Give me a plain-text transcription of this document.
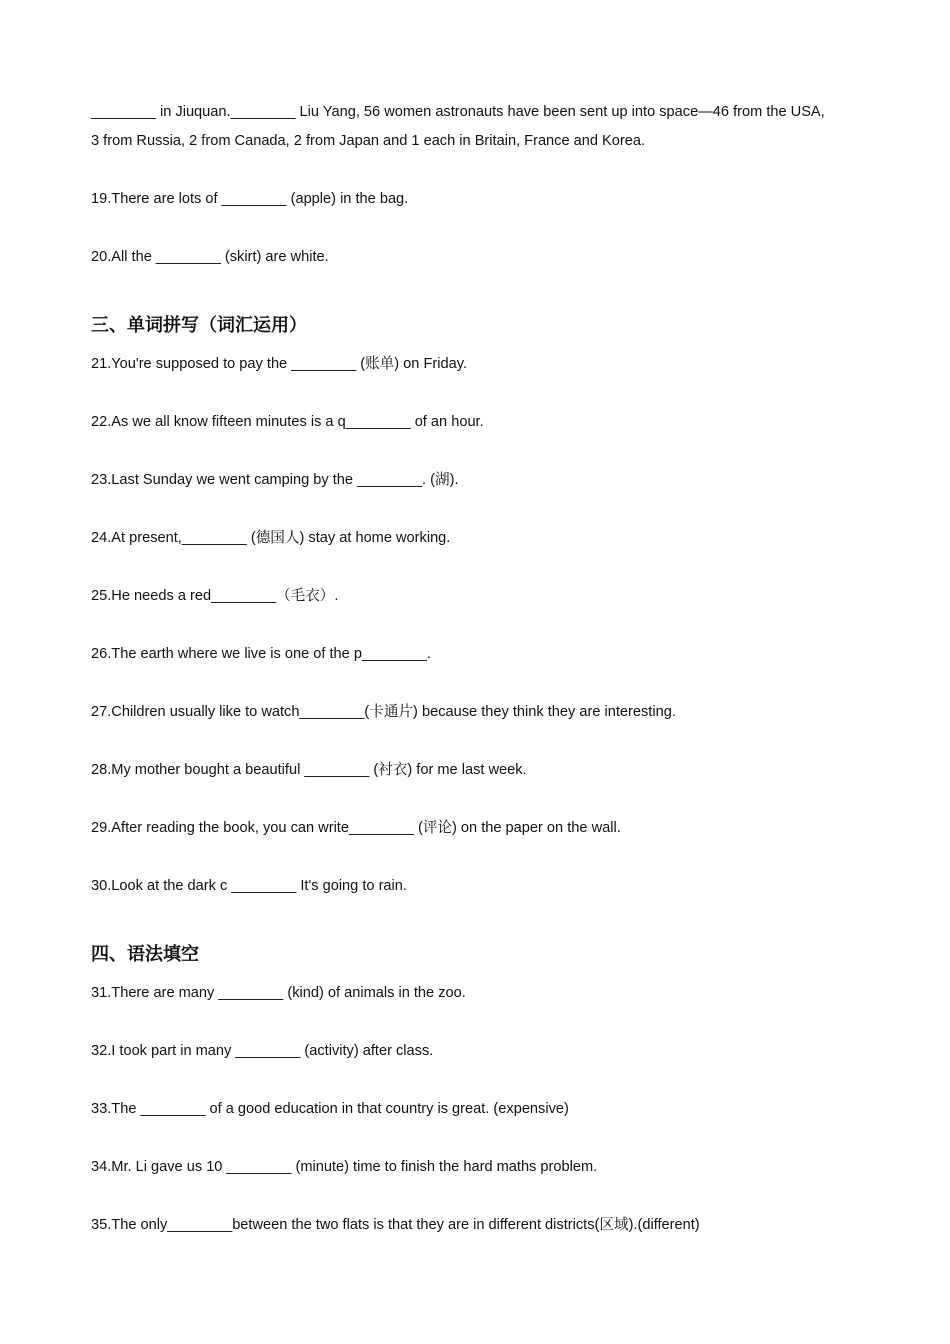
________ in Jiuquan.________ Liu Yang, 56 women astronauts have been sent up into space—46 from the USA,
3 from Russia, 2 from Canada, 2 from Japan and 1 each in Britain, France and Korea.
19.There are lots of ________ (apple) in the bag.
20.All the ________ (skirt) are white.
三、单词拼写（词汇运用）
21.You're supposed to pay the ________ (账单) on Friday.
22.As we all know fifteen minutes is a q________ of an hour.
23.Last Sunday we went camping by the ________. (湖).
24.At present,________ (德国人) stay at home working.
25.He needs a red________（毛衣）.
26.The earth where we live is one of the p________.
27.Children usually like to watch________(卡通片) because they think they are interesting.
28.My mother bought a beautiful ________ (衬衣) for me last week.
29.After reading the book, you can write________ (评论) on the paper on the wall.
30.Look at the dark c ________ It's going to rain.
四、语法填空
31.There are many ________ (kind) of animals in the zoo.
32.I took part in many ________ (activity) after class.
33.The ________ of a good education in that country is great. (expensive)
34.Mr. Li gave us 10 ________ (minute) time to finish the hard maths problem.
35.The only________between the two flats is that they are in different districts(区域).(different)
